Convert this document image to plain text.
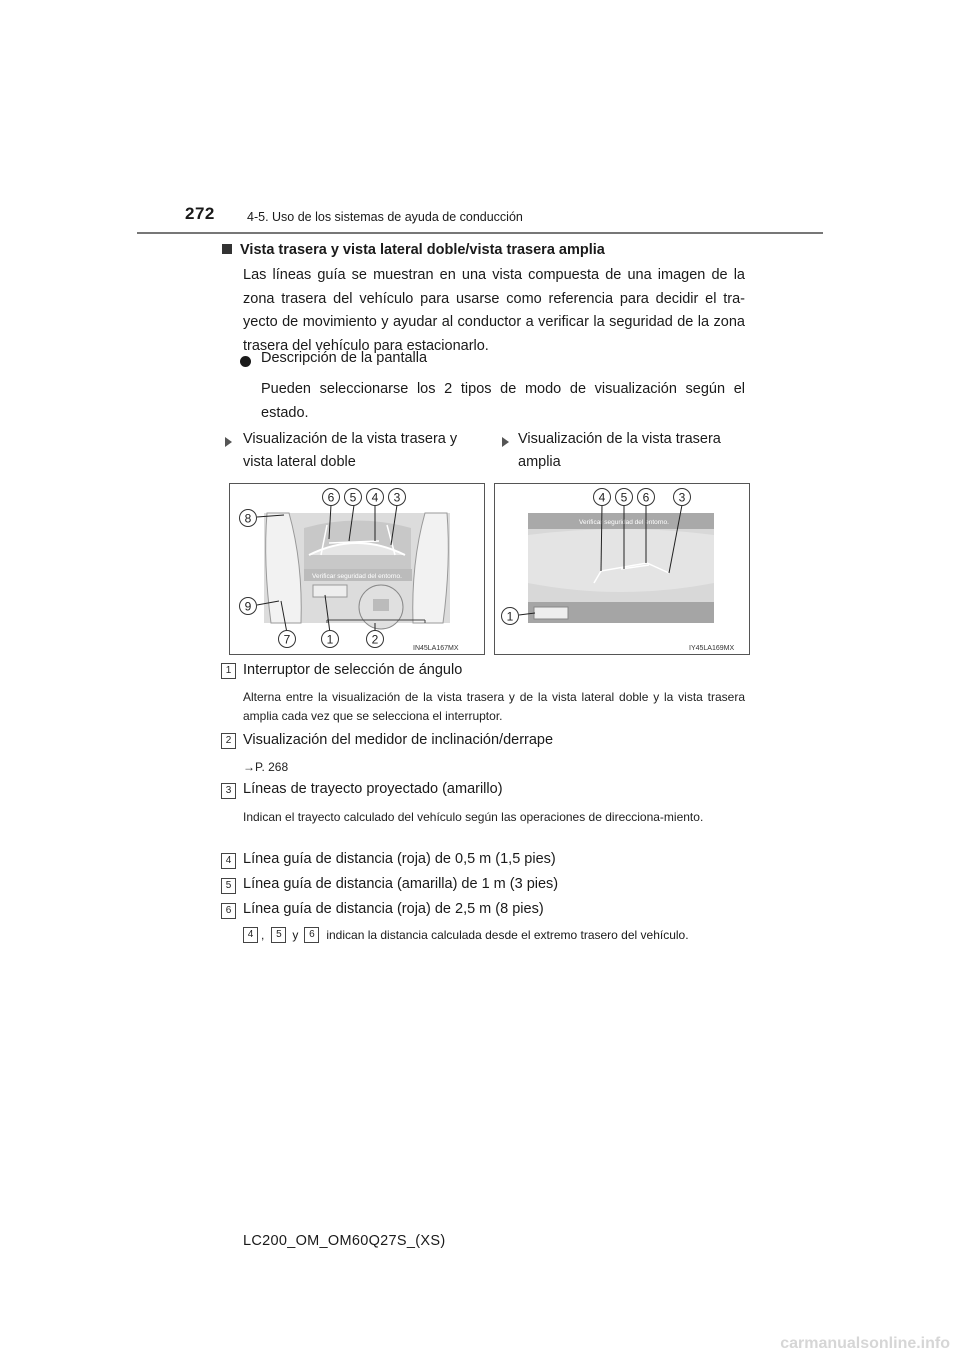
272	4-5. Uso de los sistemas de ayuda de conducción
Vista trasera y vista lateral doble/vista trasera amplia
Las líneas guía se muestran en una vista compuesta de una imagen de la zona trasera del vehículo para usarse como referencia para decidir el tra-yecto de movimiento y ayudar al conductor a verificar la seguridad de la zona trasera del vehículo para estacionarlo.
Descripción de la pantalla
Pueden seleccionarse los 2 tipos de modo de visualización según el estado.
Visualización de la vista trasera y vista lateral doble
Visualización de la vista trasera amplia
Verificar seguridad del entorno.
6 5 4 3
8
9
7	1	2
IN45LA167MX
Verificar seguridad del entorno.
4 5 6 3
1
IY45LA169MX
1 Interruptor de selección de ángulo
Alterna entre la visualización de la vista trasera y de la vista lateral doble y la vista trasera amplia cada vez que se selecciona el interruptor.
2 Visualización del medidor de inclinación/derrape
→P. 268
3 Líneas de trayecto proyectado (amarillo)
Indican el trayecto calculado del vehículo según las operaciones de direcciona-miento.
4 Línea guía de distancia (roja) de 0,5 m (1,5 pies)
5 Línea guía de distancia (amarilla) de 1 m (3 pies)
6 Línea guía de distancia (roja) de 2,5 m (8 pies)
4 ,	5 y	6 indican la distancia calculada desde el extremo trasero del vehículo.
LC200_OM_OM60Q27S_(XS)
carmanualsonline.info
